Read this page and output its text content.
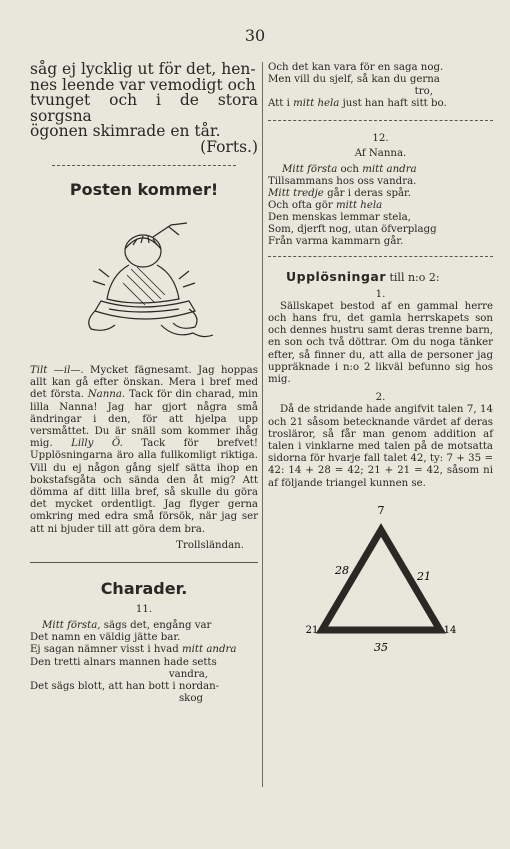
30
såg ej lycklig ut för det, hen-
nes leende var vemodigt och
tvunget och i de stora sorgsna
ögonen skimrade en tår.
(Forts.)
Posten kommer!
Tilt —il—. Mycket fägnesamt. Jag hoppas allt kan gå efter önskan. Mera i bref med det första. Nanna. Tack för din charad, min lilla Nanna! Jag har gjort några små ändringar i den, för att hjelpa upp versmåttet. Du är snäll som kommer ihåg mig. Lilly Ö. Tack för brefvet! Upplösningarna äro alla fullkomligt riktiga. Vill du ej någon gång sjelf sätta ihop en bokstafsgåta och sända den åt mig? Att dömma af ditt lilla bref, så skulle du göra det mycket ordentligt. Jag flyger gerna omkring med edra små försök, när jag ser att ni bjuder till att göra dem bra.
Trollsländan.
Charader.
11.
Mitt första, sägs det, engång var
Det namn en väldig jätte bar.
Ej sagan nämner visst i hvad mitt andra
Den tretti alnars mannen hade setts
vandra,
Det sägs blott, att han bott i nordan-
skog
Och det kan vara för en saga nog.
Men vill du sjelf, så kan du gerna
tro,
Att i mitt hela just han haft sitt bo.
12.
Af Nanna.
Mitt första och mitt andra
Tillsammans hos oss vandra.
Mitt tredje går i deras spår.
Och ofta gör mitt hela
Den menskas lemmar stela,
Som, djerft nog, utan öfverplagg
Från varma kammarn går.
Upplösningar till n:o 2:
1.
Sällskapet bestod af en gammal herre och hans fru, det gamla herrskapets son och dennes hustru samt deras trenne barn, en son och två döttrar. Om du noga tänker efter, så finner du, att alla de personer jag uppräknade i n:o 2 likväl befunno sig hos mig.
2.
Då de stridande hade angifvit talen 7, 14 och 21 såsom betecknande värdet af deras trosläror, så får man genom addition af talen i vinklarne med talen på de motsatta sidorna för hvarje fall talet 42, ty: 7 + 35 = 42: 14 + 28 = 42; 21 + 21 = 42, såsom ni af följande triangel kunnen se.
7
28	21
21	14
35
